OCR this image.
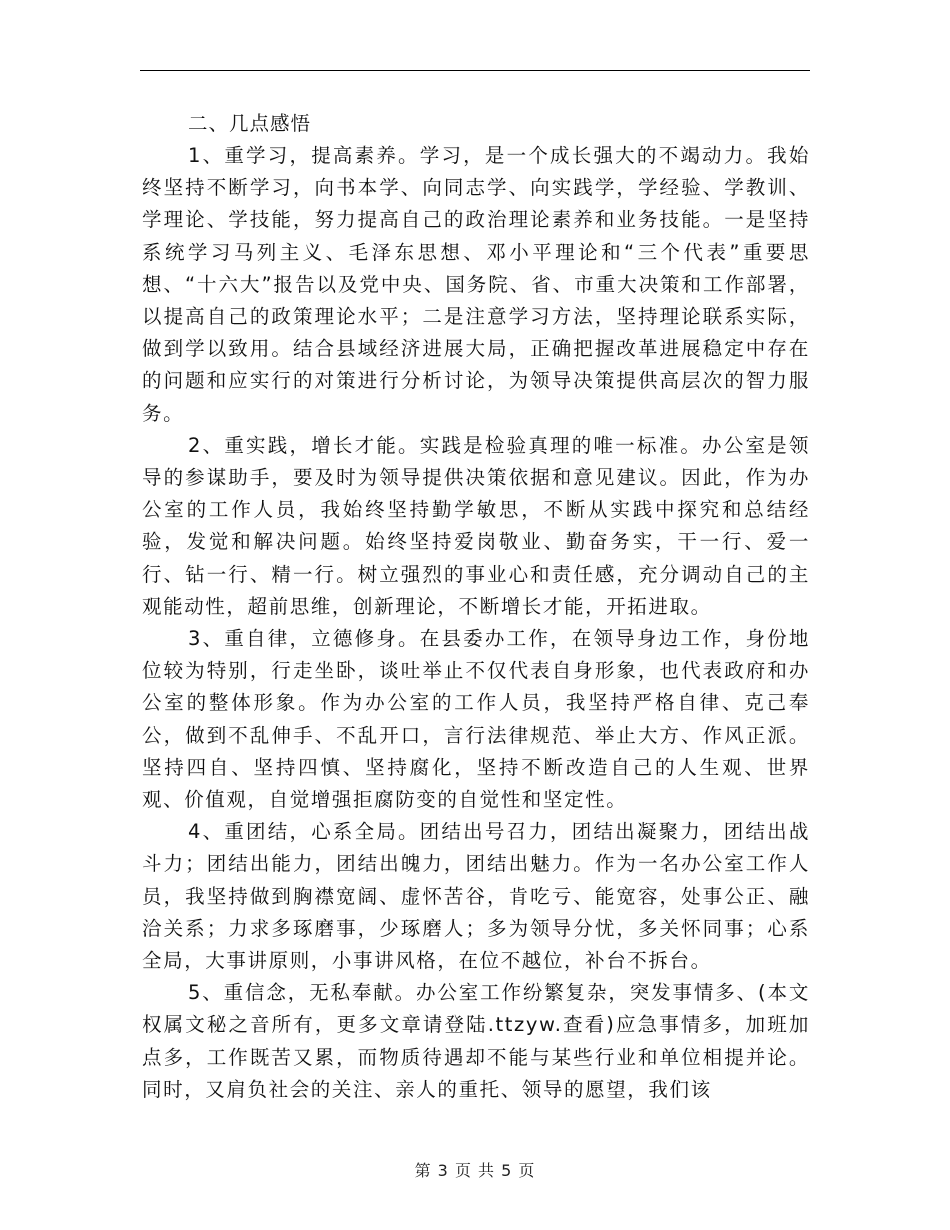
二、几点感悟

1、重学习，提高素养。学习，是一个成长强大的不竭动力。我始终坚持不断学习，向书本学、向同志学、向实践学，学经验、学教训、学理论、学技能，努力提高自己的政治理论素养和业务技能。一是坚持系统学习马列主义、毛泽东思想、邓小平理论和“三个代表”重要思想、“十六大”报告以及党中央、国务院、省、市重大决策和工作部署，以提高自己的政策理论水平；二是注意学习方法，坚持理论联系实际，做到学以致用。结合县域经济进展大局，正确把握改革进展稳定中存在的问题和应实行的对策进行分析讨论，为领导决策提供高层次的智力服务。

2、重实践，增长才能。实践是检验真理的唯一标准。办公室是领导的参谋助手，要及时为领导提供决策依据和意见建议。因此，作为办公室的工作人员，我始终坚持勤学敏思，不断从实践中探究和总结经验，发觉和解决问题。始终坚持爱岗敬业、勤奋务实，干一行、爱一行、钻一行、精一行。树立强烈的事业心和责任感，充分调动自己的主观能动性，超前思维，创新理论，不断增长才能，开拓进取。

3、重自律，立德修身。在县委办工作，在领导身边工作，身份地位较为特别，行走坐卧，谈吐举止不仅代表自身形象，也代表政府和办公室的整体形象。作为办公室的工作人员，我坚持严格自律、克己奉公，做到不乱伸手、不乱开口，言行法律规范、举止大方、作风正派。坚持四自、坚持四慎、坚持腐化，坚持不断改造自己的人生观、世界观、价值观，自觉增强拒腐防变的自觉性和坚定性。

4、重团结，心系全局。团结出号召力，团结出凝聚力，团结出战斗力；团结出能力，团结出魄力，团结出魅力。作为一名办公室工作人员，我坚持做到胸襟宽阔、虚怀苦谷，肯吃亏、能宽容，处事公正、融洽关系；力求多琢磨事，少琢磨人；多为领导分忧，多关怀同事；心系全局，大事讲原则，小事讲风格，在位不越位，补台不拆台。

5、重信念，无私奉献。办公室工作纷繁复杂，突发事情多、(本文权属文秘之音所有，更多文章请登陆.ttzyw.查看)应急事情多，加班加点多，工作既苦又累，而物质待遇却不能与某些行业和单位相提并论。同时，又肩负社会的关注、亲人的重托、领导的愿望，我们该

第 3 页 共 5 页
